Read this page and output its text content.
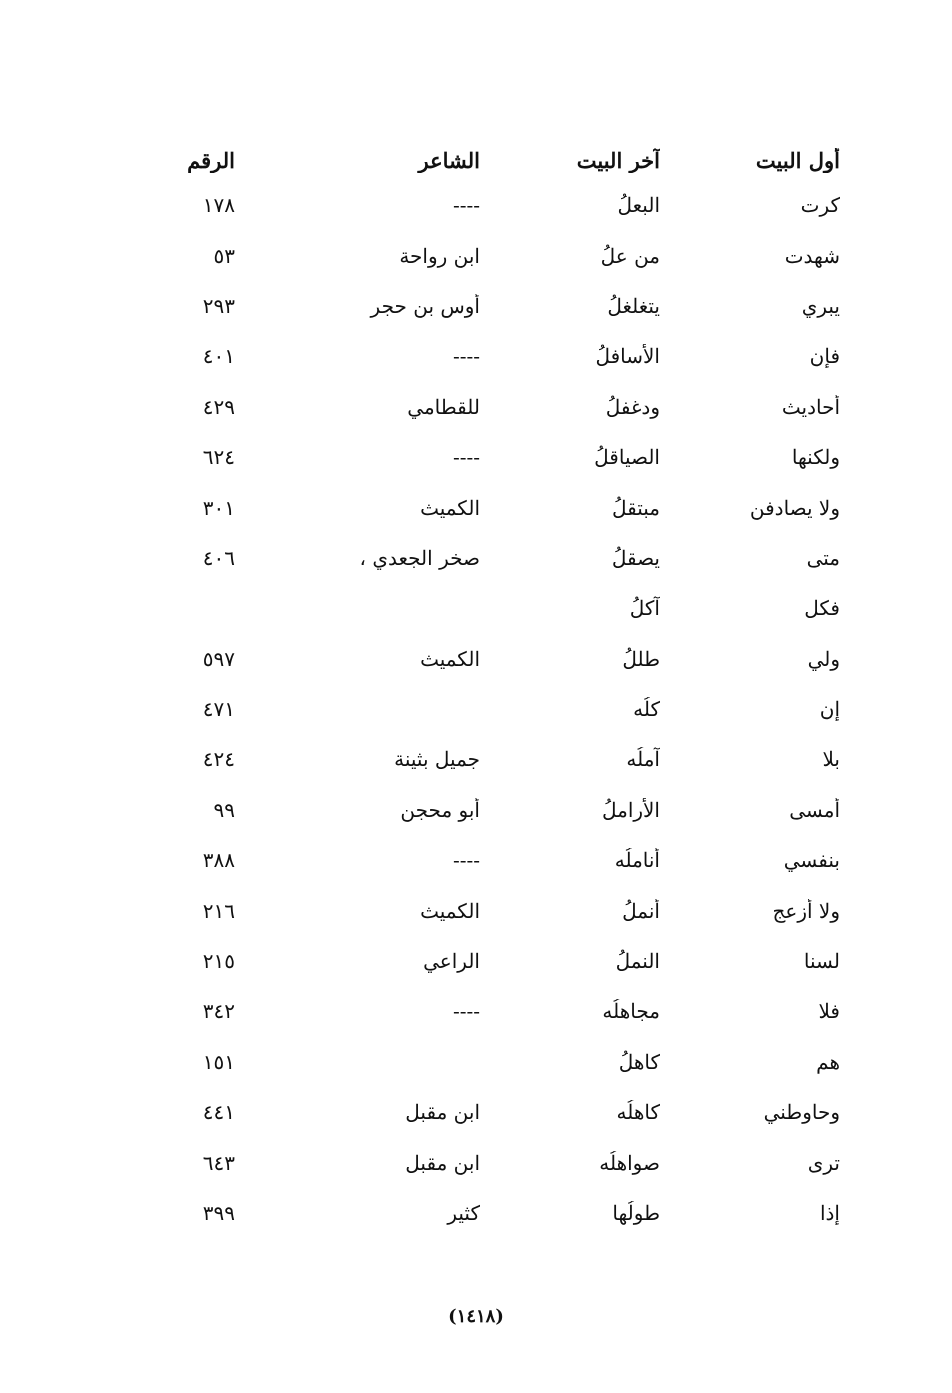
أول البيت
آخر البيت
الشاعر
الرقم
كرت
البعلُ
----
١٧٨
شهدت
من علُ
ابن رواحة
٥٣
يبري
يتغلغلُ
أوس بن حجر
٢٩٣
فإن
الأسافلُ
----
٤٠١
أحاديث
ودغفلُ
للقطامي
٤٢٩
ولكنها
الصياقلُ
----
٦٢٤
ولا يصادفن
مبتقلُ
الكميث
٣٠١
متى
يصقلُ
صخر الجعدي ،
٤٠٦
فكل
آكلُ
ولي
طللُ
الكميث
٥٩٧
إن
كلُه
٤٧١
بلا
آملُه
جميل بثينة
٤٢٤
أمسى
الأراملُ
أبو محجن
٩٩
بنفسي
أناملُه
----
٣٨٨
ولا أزعج
أنملُ
الكميث
٢١٦
لسنا
النملُ
الراعي
٢١٥
فلا
مجاهلُه
----
٣٤٢
هم
كاهلُ
١٥١
وحاوطني
كاهلُه
ابن مقبل
٤٤١
ترى
صواهلُه
ابن مقبل
٦٤٣
إذا
طولُها
كثير
٣٩٩
(١٤١٨)
